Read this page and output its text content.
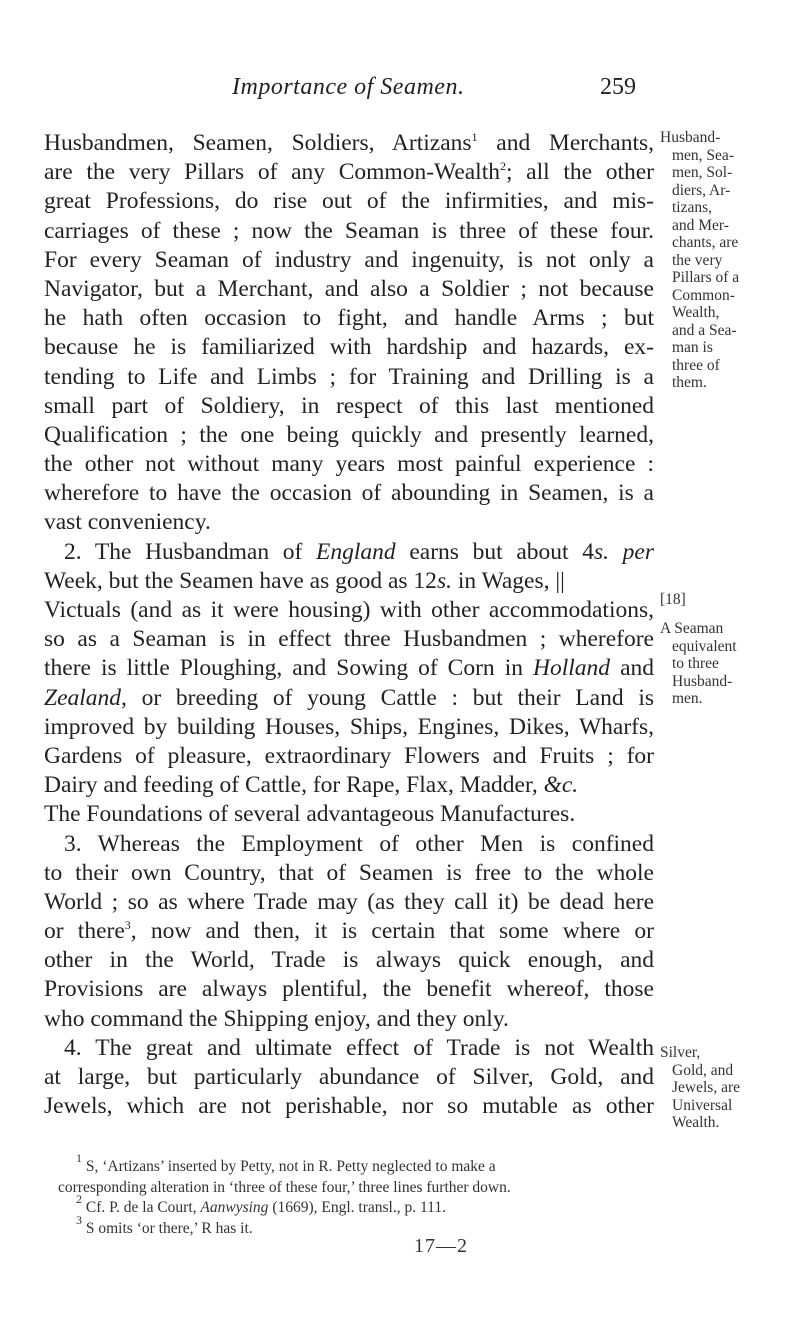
Importance of Seamen.	259
Husbandmen, Seamen, Soldiers, Artizans$^1$ and Merchants,
are the very Pillars of any Common-Wealth$^2$; all the other
great Professions, do rise out of the infirmities, and mis-
carriages of these ; now the Seaman is three of these four.
For every Seaman of industry and ingenuity, is not only a
Navigator, but a Merchant, and also a Soldier ; not because
he hath often occasion to fight, and handle Arms ; but
because he is familiarized with hardship and hazards, ex-
tending to Life and Limbs ; for Training and Drilling is a
small part of Soldiery, in respect of this last mentioned
Qualification ; the one being quickly and presently learned,
the other not without many years most painful experience :
wherefore to have the occasion of abounding in Seamen, is a
vast conveniency.
2. The Husbandman of England earns but about 4s. per
Week, but the Seamen have as good as 12s. in Wages, ||
Victuals (and as it were housing) with other accommodations,
so as a Seaman is in effect three Husbandmen ; wherefore
there is little Ploughing, and Sowing of Corn in Holland and
Zealand, or breeding of young Cattle : but their Land is
improved by building Houses, Ships, Engines, Dikes, Wharfs,
Gardens of pleasure, extraordinary Flowers and Fruits ; for
Dairy and feeding of Cattle, for Rape, Flax, Madder, &c.
The Foundations of several advantageous Manufactures.
3. Whereas the Employment of other Men is confined
to their own Country, that of Seamen is free to the whole
World ; so as where Trade may (as they call it) be dead here
or there$^3$, now and then, it is certain that some where or
other in the World, Trade is always quick enough, and
Provisions are always plentiful, the benefit whereof, those
who command the Shipping enjoy, and they only.
4. The great and ultimate effect of Trade is not Wealth
at large, but particularly abundance of Silver, Gold, and
Jewels, which are not perishable, nor so mutable as other
Husband-
men, Sea-
men, Sol-
diers, Ar-
tizans,
and Mer-
chants, are
the very
Pillars of a
Common-
Wealth,
and a Sea-
man is
three of
them.
[18]
A Seaman
equivalent
to three
Husband-
men.
Silver,
Gold, and
Jewels, are
Universal
Wealth.
$^1$ S, ‘Artizans’ inserted by Petty, not in R. Petty neglected to make a
corresponding alteration in ‘three of these four,’ three lines further down.
$^2$ Cf. P. de la Court, Aanwysing (1669), Engl. transl., p. 111.
$^3$ S omits ‘or there,’ R has it.
17—2
